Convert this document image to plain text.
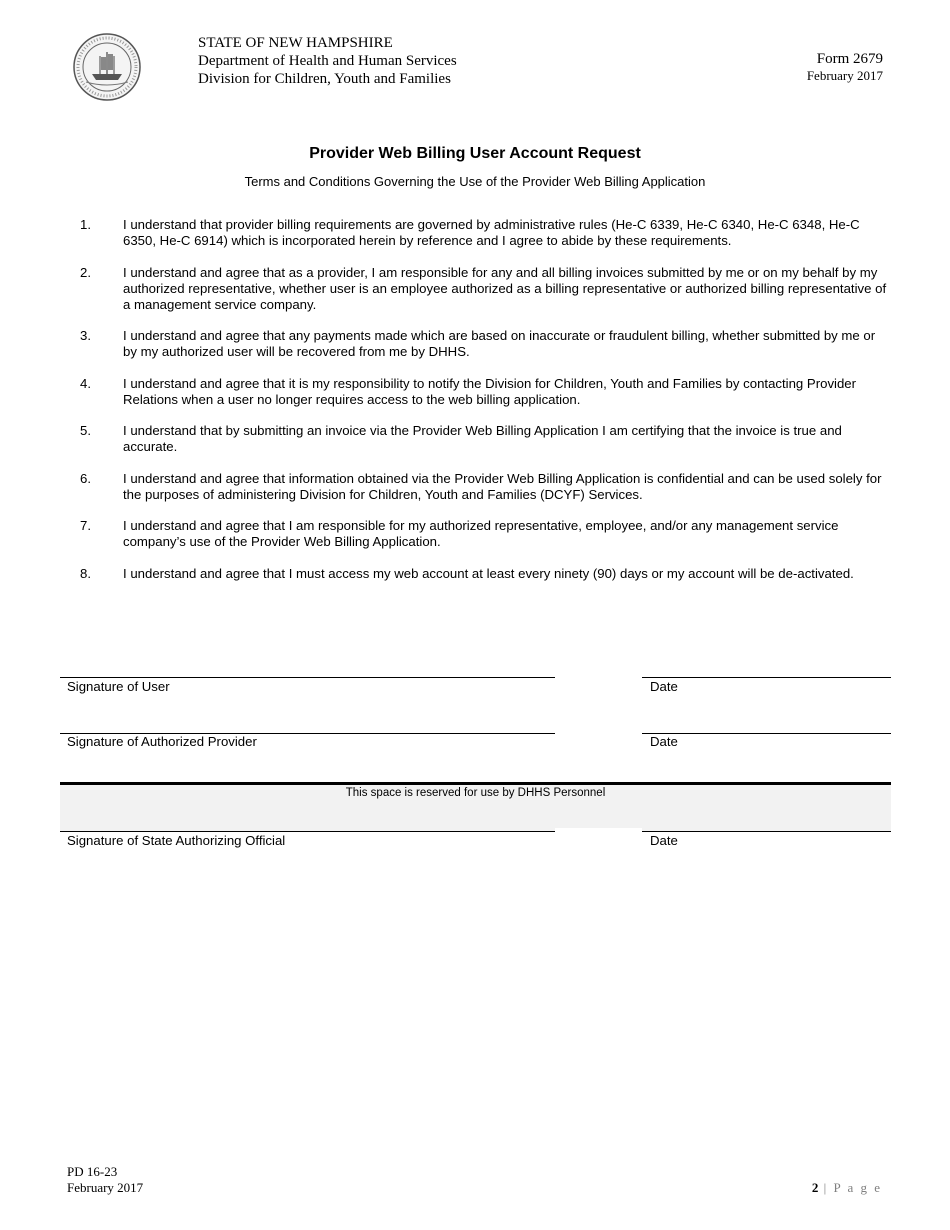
STATE OF NEW HAMPSHIRE
Department of Health and Human Services
Division for Children, Youth and Families
Form 2679
February 2017
Provider Web Billing User Account Request
Terms and Conditions Governing the Use of the Provider Web Billing Application
1.	I understand that provider billing requirements are governed by administrative rules (He-C 6339, He-C 6340, He-C 6348, He-C 6350, He-C 6914) which is incorporated herein by reference and I agree to abide by these requirements.
2.	I understand and agree that as a provider, I am responsible for any and all billing invoices submitted by me or on my behalf by my authorized representative, whether user is an employee authorized as a billing representative or authorized billing representative of a management service company.
3.	I understand and agree that any payments made which are based on inaccurate or fraudulent billing, whether submitted by me or by my authorized user will be recovered from me by DHHS.
4.	I understand and agree that it is my responsibility to notify the Division for Children, Youth and Families by contacting Provider Relations when a user no longer requires access to the web billing application.
5.	I understand that by submitting an invoice via the Provider Web Billing Application I am certifying that the invoice is true and accurate.
6.	I understand and agree that information obtained via the Provider Web Billing Application is confidential and can be used solely for the purposes of administering Division for Children, Youth and Families (DCYF) Services.
7.	I understand and agree that I am responsible for my authorized representative, employee, and/or any management service company’s use of the Provider Web Billing Application.
8.	I understand and agree that I must access my web account at least every ninety (90) days or my account will be de-activated.
Signature of User	Date
Signature of Authorized Provider	Date
This space is reserved for use by DHHS Personnel
Signature of State Authorizing Official	Date
PD 16-23
February 2017	2 | P a g e
